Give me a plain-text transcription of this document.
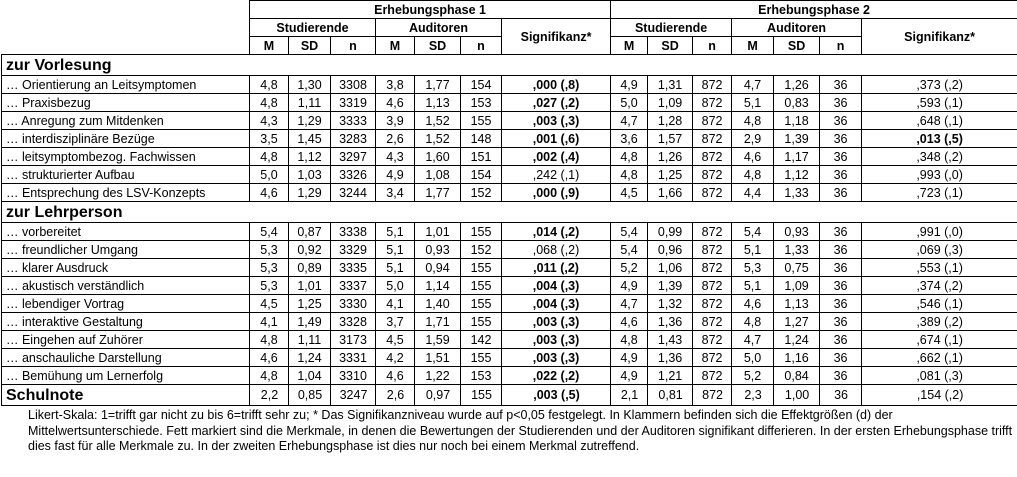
	Erhebungsphase 1							Erhebungsphase 2						
	Studierende			Auditoren			Signifikanz*	Studierende			Auditoren			Signifikanz*
	M	SD	n	M	SD	n		M	SD	n	M	SD	n	
zur Vorlesung														
… Orientierung an Leitsymptomen	4,8	1,30	3308	3,8	1,77	154	,000 (,8)	4,9	1,31	872	4,7	1,26	36	,373 (,2)
… Praxisbezug	4,8	1,11	3319	4,6	1,13	153	,027 (,2)	5,0	1,09	872	5,1	0,83	36	,593 (,1)
… Anregung zum Mitdenken	4,3	1,29	3333	3,9	1,52	155	,003 (,3)	4,7	1,28	872	4,8	1,18	36	,648 (,1)
… interdisziplinäre Bezüge	3,5	1,45	3283	2,6	1,52	148	,001 (,6)	3,6	1,57	872	2,9	1,39	36	,013 (,5)
… leitsymptombezog. Fachwissen	4,8	1,12	3297	4,3	1,60	151	,002 (,4)	4,8	1,26	872	4,6	1,17	36	,348 (,2)
… strukturierter Aufbau	5,0	1,03	3326	4,9	1,08	154	,242 (,1)	4,8	1,25	872	4,8	1,12	36	,993 (,0)
… Entsprechung des LSV-Konzepts	4,6	1,29	3244	3,4	1,77	152	,000 (,9)	4,5	1,66	872	4,4	1,33	36	,723 (,1)
zur Lehrperson														
… vorbereitet	5,4	0,87	3338	5,1	1,01	155	,014 (,2)	5,4	0,99	872	5,4	0,93	36	,991 (,0)
… freundlicher Umgang	5,3	0,92	3329	5,1	0,93	152	,068 (,2)	5,4	0,96	872	5,1	1,33	36	,069 (,3)
… klarer Ausdruck	5,3	0,89	3335	5,1	0,94	155	,011 (,2)	5,2	1,06	872	5,3	0,75	36	,553 (,1)
… akustisch verständlich	5,3	1,01	3337	5,0	1,14	155	,004 (,3)	4,9	1,39	872	5,1	1,09	36	,374 (,2)
… lebendiger Vortrag	4,5	1,25	3330	4,1	1,40	155	,004 (,3)	4,7	1,32	872	4,6	1,13	36	,546 (,1)
… interaktive Gestaltung	4,1	1,49	3328	3,7	1,71	155	,003 (,3)	4,6	1,36	872	4,8	1,27	36	,389 (,2)
… Eingehen auf Zuhörer	4,8	1,11	3173	4,5	1,59	142	,003 (,3)	4,8	1,43	872	4,7	1,24	36	,674 (,1)
… anschauliche Darstellung	4,6	1,24	3331	4,2	1,51	155	,003 (,3)	4,9	1,36	872	5,0	1,16	36	,662 (,1)
… Bemühung um Lernerfolg	4,8	1,04	3310	4,6	1,22	153	,022 (,2)	4,9	1,21	872	5,2	0,84	36	,081 (,3)
Schulnote	2,2	0,85	3247	2,6	0,97	155	,003 (,5)	2,1	0,81	872	2,3	1,00	36	,154 (,2)
Likert-Skala: 1=trifft gar nicht zu bis 6=trifft sehr zu; * Das Signifikanzniveau wurde auf p<0,05 festgelegt. In Klammern befinden sich die Effektgrößen (d) der Mittelwertsunterschiede. Fett markiert sind die Merkmale, in denen die Bewertungen der Studierenden und der Auditoren signifikant differieren. In der ersten Erhebungsphase trifft dies fast für alle Merkmale zu. In der zweiten Erhebungsphase ist dies nur noch bei einem Merkmal zutreffend.
